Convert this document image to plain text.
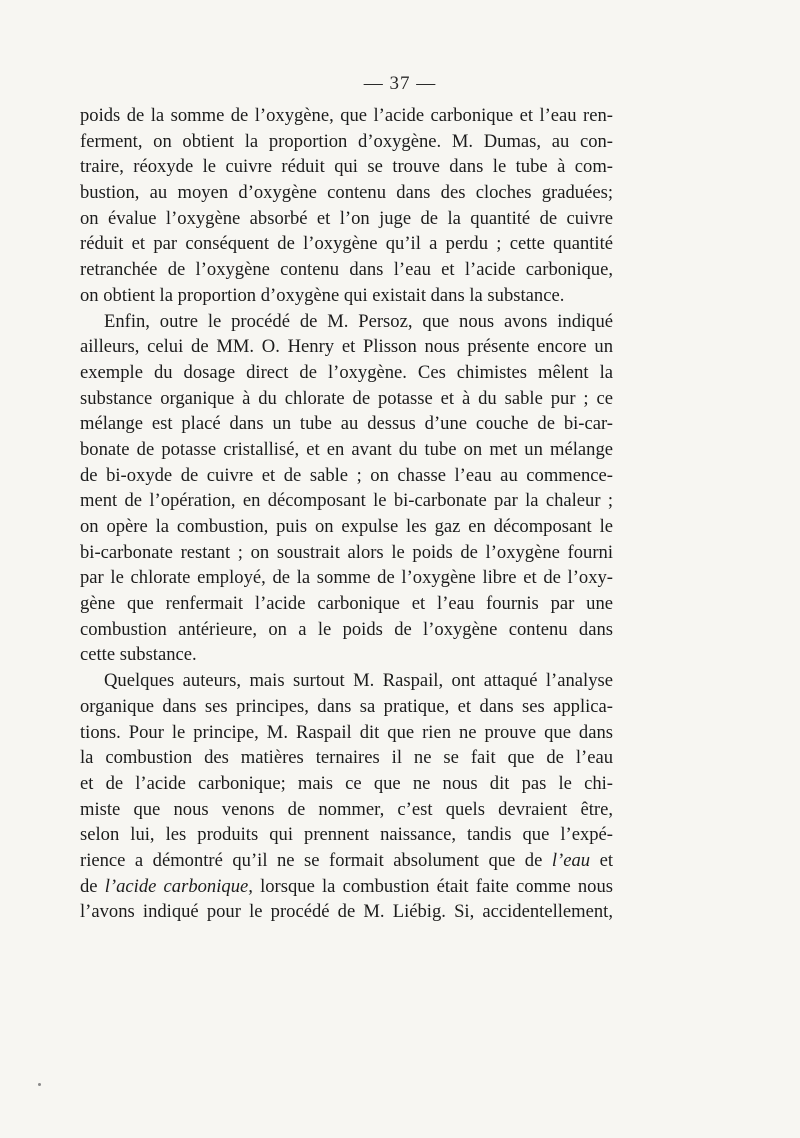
— 37 —
poids de la somme de l’oxygène, que l’acide carbonique et l’eau ren-
ferment, on obtient la proportion d’oxygène. M. Dumas, au con-
traire, réoxyde le cuivre réduit qui se trouve dans le tube à com-
bustion, au moyen d’oxygène contenu dans des cloches graduées;
on évalue l’oxygène absorbé et l’on juge de la quantité de cuivre
réduit et par conséquent de l’oxygène qu’il a perdu ; cette quantité
retranchée de l’oxygène contenu dans l’eau et l’acide carbonique,
on obtient la proportion d’oxygène qui existait dans la substance.
Enfin, outre le procédé de M. Persoz, que nous avons indiqué
ailleurs, celui de MM. O. Henry et Plisson nous présente encore un
exemple du dosage direct de l’oxygène. Ces chimistes mêlent la
substance organique à du chlorate de potasse et à du sable pur ; ce
mélange est placé dans un tube au dessus d’une couche de bi-car-
bonate de potasse cristallisé, et en avant du tube on met un mélange
de bi-oxyde de cuivre et de sable ; on chasse l’eau au commence-
ment de l’opération, en décomposant le bi-carbonate par la chaleur ;
on opère la combustion, puis on expulse les gaz en décomposant le
bi-carbonate restant ; on soustrait alors le poids de l’oxygène fourni
par le chlorate employé, de la somme de l’oxygène libre et de l’oxy-
gène que renfermait l’acide carbonique et l’eau fournis par une
combustion antérieure, on a le poids de l’oxygène contenu dans
cette substance.
Quelques auteurs, mais surtout M. Raspail, ont attaqué l’analyse
organique dans ses principes, dans sa pratique, et dans ses applica-
tions. Pour le principe, M. Raspail dit que rien ne prouve que dans
la combustion des matières ternaires il ne se fait que de l’eau
et de l’acide carbonique; mais ce que ne nous dit pas le chi-
miste que nous venons de nommer, c’est quels devraient être,
selon lui, les produits qui prennent naissance, tandis que l’expé-
rience a démontré qu’il ne se formait absolument que de l’eau et
de l’acide carbonique, lorsque la combustion était faite comme nous
l’avons indiqué pour le procédé de M. Liébig. Si, accidentellement,
